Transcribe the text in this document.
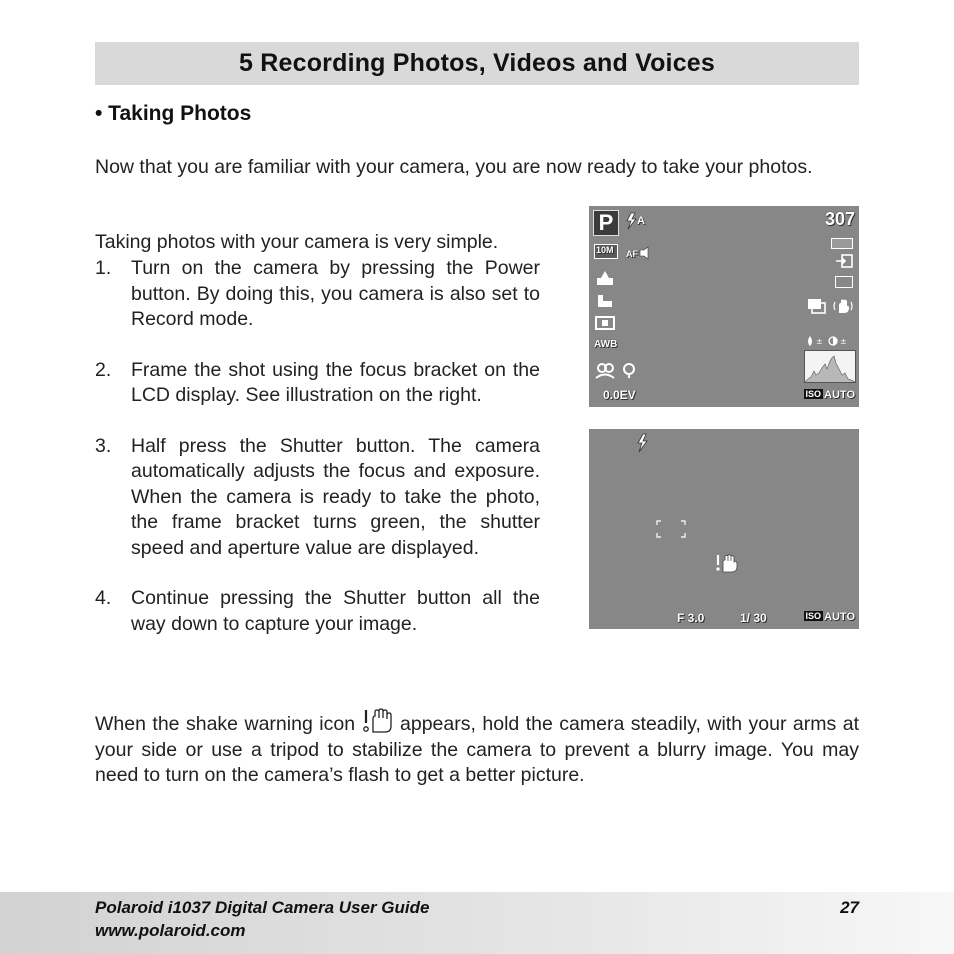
5 Recording Photos, Videos and Voices
• Taking Photos

Now that you are familiar with your camera, you are now ready to take your photos.

Taking photos with your camera is very simple.

1.	Turn on the camera by pressing the Power button. By doing this, you camera is also set to Record mode.
2.	Frame the shot using the focus bracket on the LCD display. See illustration on the right.
3.	Half press the Shutter button. The camera automatically adjusts the focus and exposure. When the camera is ready to take the photo, the frame bracket turns green, the shutter speed and aperture value are displayed.
4.	Continue pressing the Shutter button all the way down to capture your image.

When the shake warning icon appears, hold the camera steadily, with your arms at your side or use a tripod to stabilize the camera to prevent a blurry image. You may need to turn on the camera’s flash to get a better picture.

P	A	307
10M AF
AWB
0.0EV
± ±
ISO AUTO
F 3.0	1/ 30	ISO AUTO
Polaroid i1037 Digital Camera User Guide
www.polaroid.com
27
